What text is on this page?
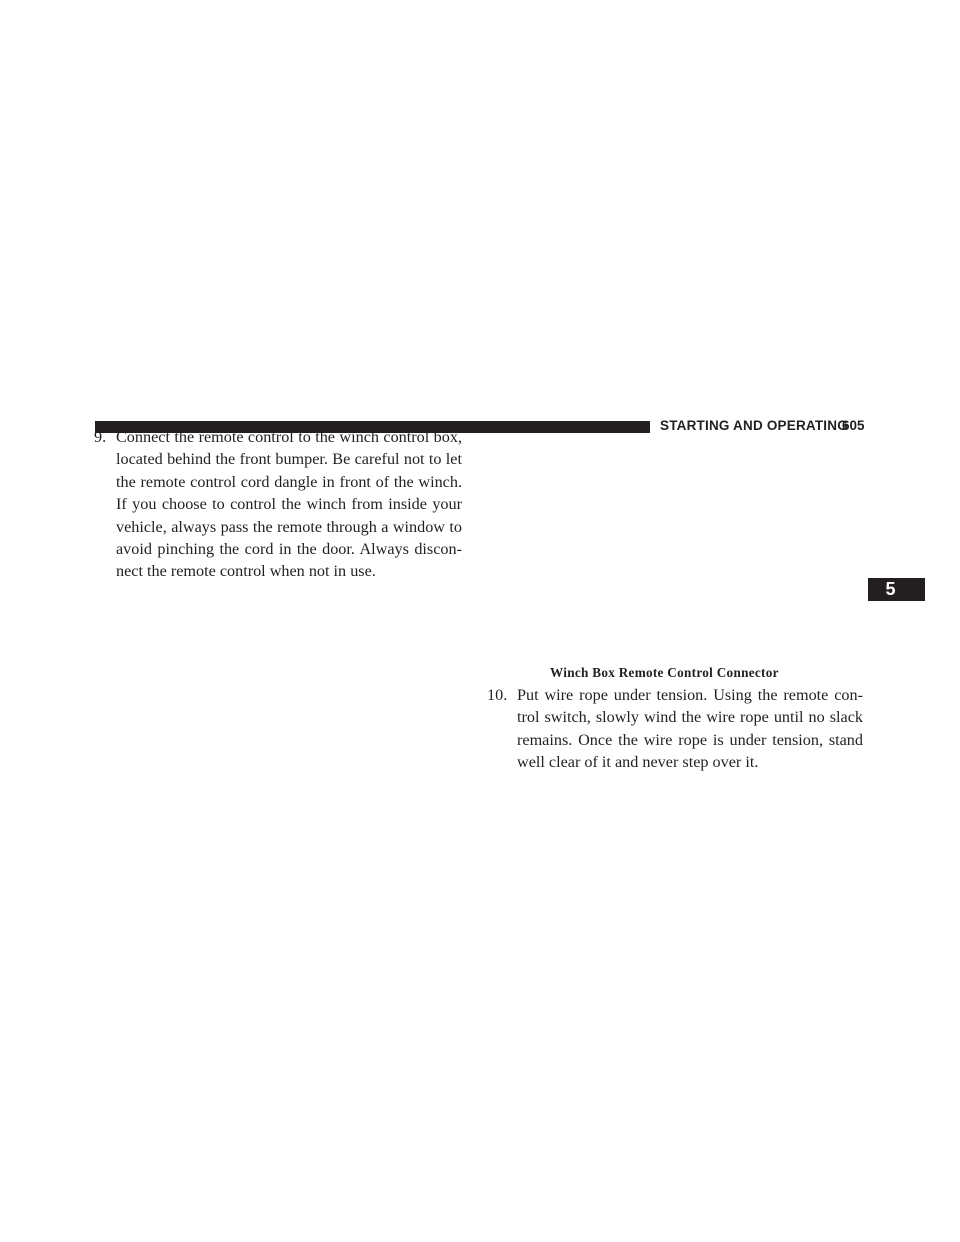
STARTING AND OPERATING
605
5
9. Connect the remote control to the winch control box, located behind the front bumper. Be careful not to let the remote control cord dangle in front of the winch. If you choose to control the winch from inside your vehicle, always pass the remote through a window to avoid pinching the cord in the door. Always discon-nect the remote control when not in use.
Winch Box Remote Control Connector
10. Put wire rope under tension. Using the remote con-trol switch, slowly wind the wire rope until no slack remains. Once the wire rope is under tension, stand well clear of it and never step over it.
